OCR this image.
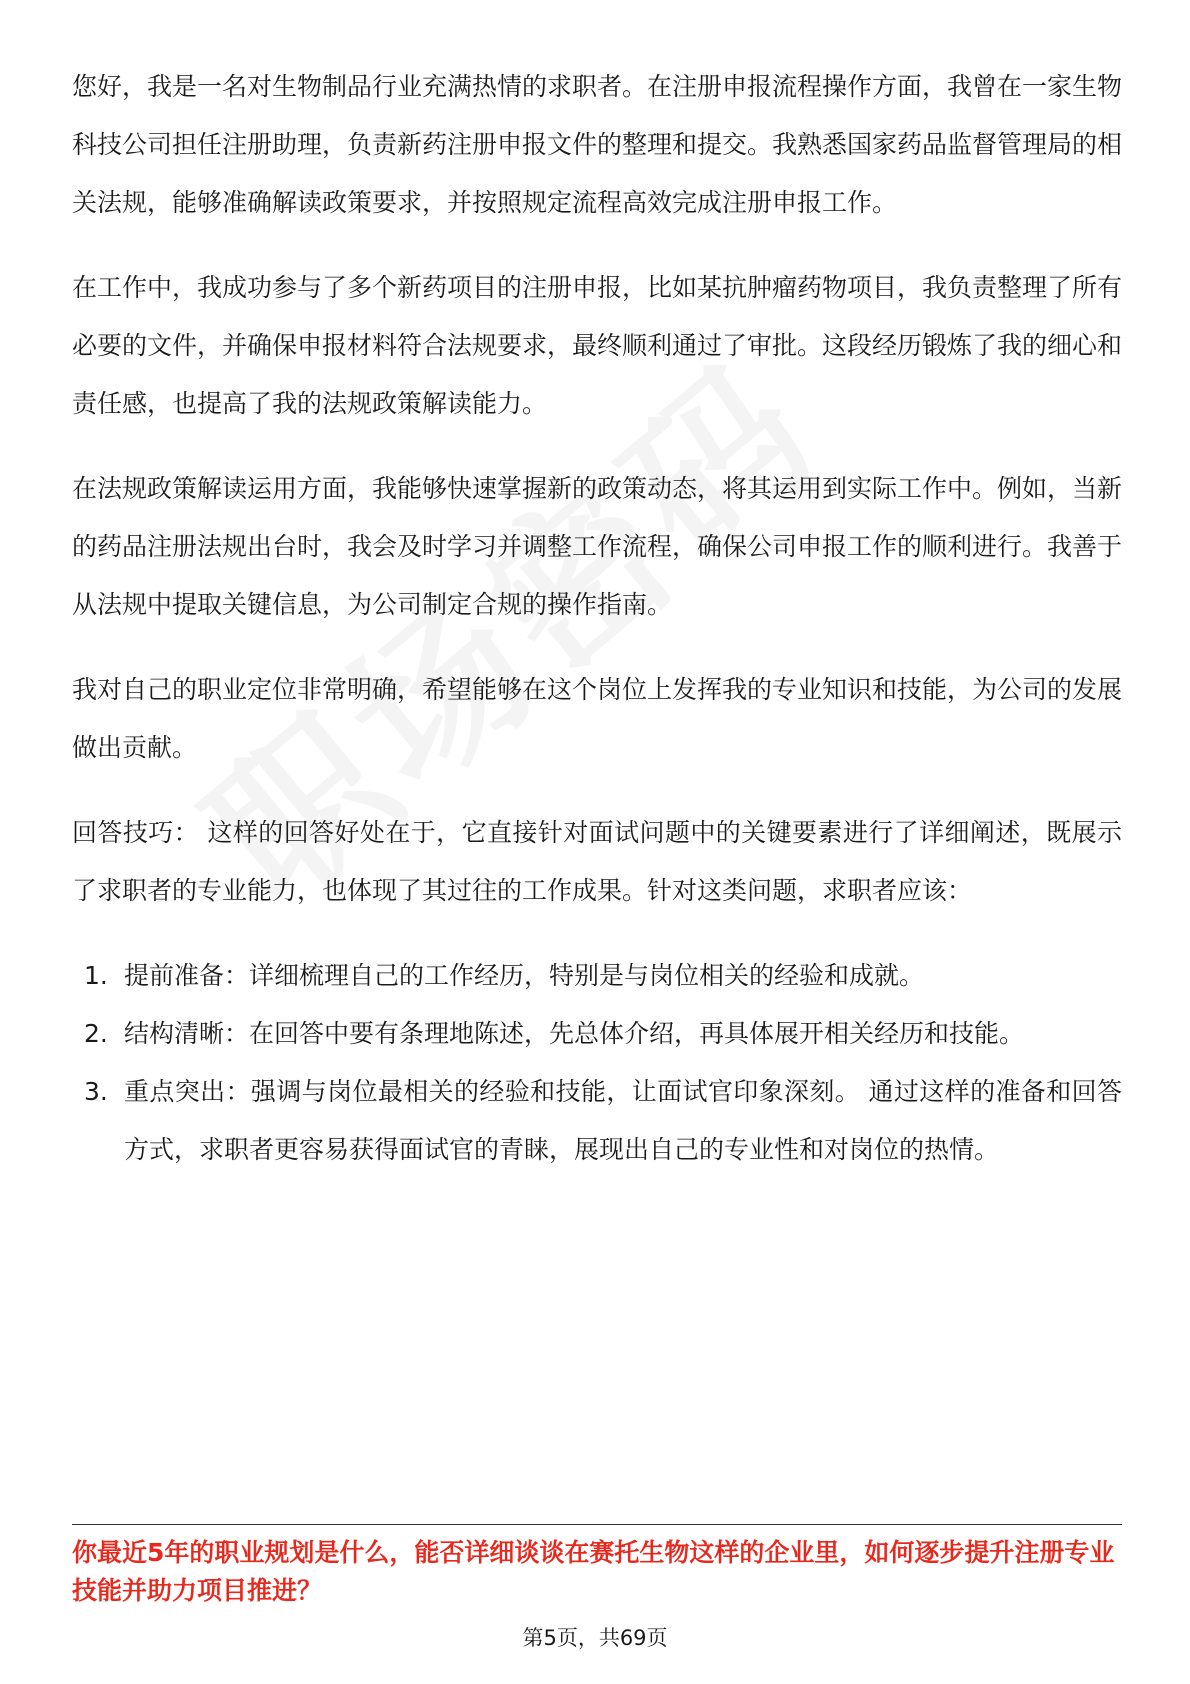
您好，我是一名对生物制品行业充满热情的求职者。在注册申报流程操作方面，我曾在一家生物科技公司担任注册助理，负责新药注册申报文件的整理和提交。我熟悉国家药品监督管理局的相关法规，能够准确解读政策要求，并按照规定流程高效完成注册申报工作。

在工作中，我成功参与了多个新药项目的注册申报，比如某抗肿瘤药物项目，我负责整理了所有必要的文件，并确保申报材料符合法规要求，最终顺利通过了审批。这段经历锻炼了我的细心和责任感，也提高了我的法规政策解读能力。

在法规政策解读运用方面，我能够快速掌握新的政策动态，将其运用到实际工作中。例如，当新的药品注册法规出台时，我会及时学习并调整工作流程，确保公司申报工作的顺利进行。我善于从法规中提取关键信息，为公司制定合规的操作指南。

我对自己的职业定位非常明确，希望能够在这个岗位上发挥我的专业知识和技能，为公司的发展做出贡献。

回答技巧： 这样的回答好处在于，它直接针对面试问题中的关键要素进行了详细阐述，既展示了求职者的专业能力，也体现了其过往的工作成果。针对这类问题，求职者应该：

1. 提前准备：详细梳理自己的工作经历，特别是与岗位相关的经验和成就。
2. 结构清晰：在回答中要有条理地陈述，先总体介绍，再具体展开相关经历和技能。
3. 重点突出：强调与岗位最相关的经验和技能，让面试官印象深刻。 通过这样的准备和回答方式，求职者更容易获得面试官的青睐，展现出自己的专业性和对岗位的热情。
你最近5年的职业规划是什么，能否详细谈谈在赛托生物这样的企业里，如何逐步提升注册专业技能并助力项目推进？
第5页，共69页
